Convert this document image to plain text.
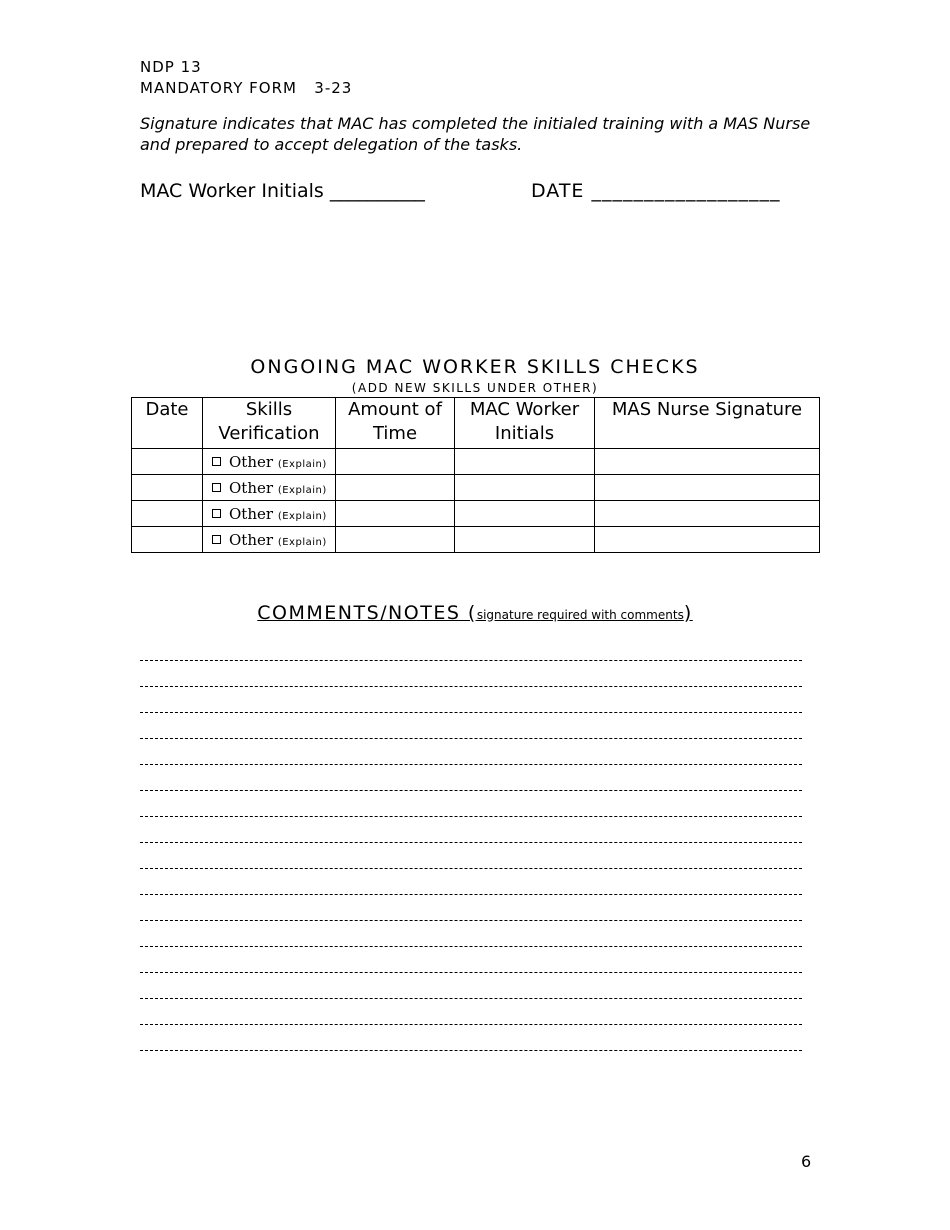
NDP 13
MANDATORY FORM   3-23
Signature indicates that MAC has completed the initialed training with a MAS Nurse and prepared to accept delegation of the tasks.
MAC Worker Initials __________	DATE __________________
ONGOING MAC WORKER SKILLS CHECKS
(ADD NEW SKILLS UNDER OTHER)
Date	Skills Verification	Amount of Time	MAC Worker Initials	MAS Nurse Signature
	Other (Explain)			
	Other (Explain)			
	Other (Explain)			
	Other (Explain)			
COMMENTS/NOTES (signature required with comments)
6
